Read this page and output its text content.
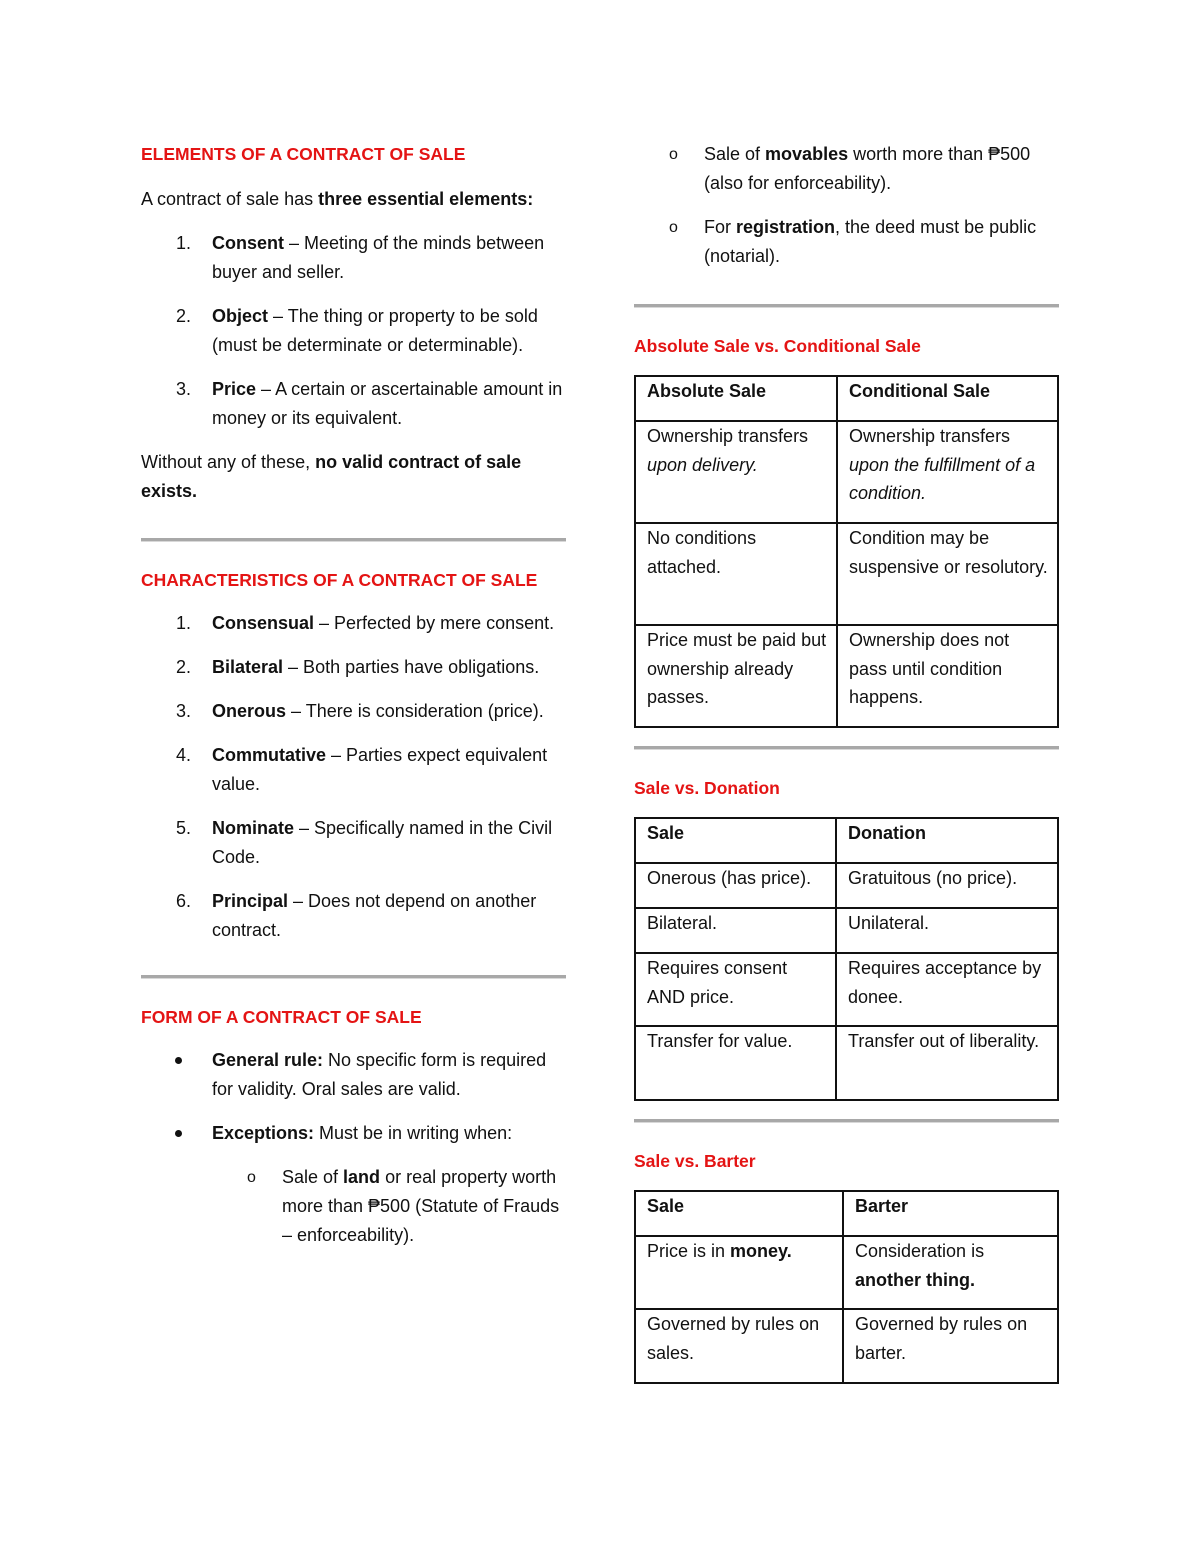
ELEMENTS OF A CONTRACT OF SALE

A contract of sale has three essential elements:

1. Consent – Meeting of the minds between buyer and seller.
2. Object – The thing or property to be sold (must be determinate or determinable).
3. Price – A certain or ascertainable amount in money or its equivalent.

Without any of these, no valid contract of sale exists.

CHARACTERISTICS OF A CONTRACT OF SALE
1. Consensual – Perfected by mere consent.
2. Bilateral – Both parties have obligations.
3. Onerous – There is consideration (price).
4. Commutative – Parties expect equivalent value.
5. Nominate – Specifically named in the Civil Code.
6. Principal – Does not depend on another contract.
FORM OF A CONTRACT OF SALE
General rule: No specific form is required for validity. Oral sales are valid.
Exceptions: Must be in writing when:
o Sale of land or real property worth more than ₱500 (Statute of Frauds – enforceability).
o Sale of movables worth more than ₱500 (also for enforceability).
o For registration, the deed must be public (notarial).
Absolute Sale vs. Conditional Sale
Absolute Sale	Conditional Sale
Ownership transfers upon delivery.	Ownership transfers upon the fulfillment of a condition.
No conditions attached.	Condition may be suspensive or resolutory.
Price must be paid but ownership already passes.	Ownership does not pass until condition happens.
Sale vs. Donation
Sale	Donation
Onerous (has price).	Gratuitous (no price).
Bilateral.	Unilateral.
Requires consent AND price.	Requires acceptance by donee.
Transfer for value.	Transfer out of liberality.
Sale vs. Barter
Sale	Barter
Price is in money.	Consideration is another thing.
Governed by rules on sales.	Governed by rules on barter.
